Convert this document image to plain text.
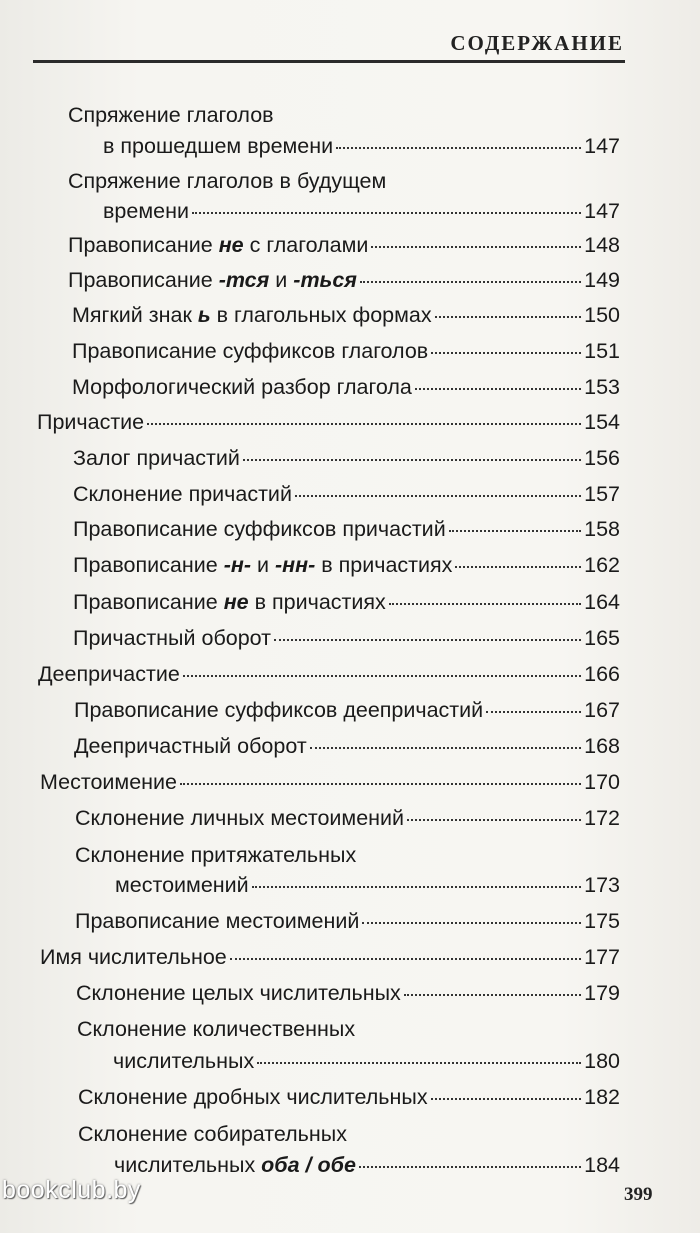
СОДЕРЖАНИЕ
Спряжение глаголов
в прошедшем времени	147
Спряжение глаголов в будущем
времени	147
Правописание не с глаголами	148
Правописание -тся и -ться	149
Мягкий знак ь в глагольных формах	150
Правописание суффиксов глаголов	151
Морфологический разбор глагола	153
Причастие	154
Залог причастий	156
Склонение причастий	157
Правописание суффиксов причастий	158
Правописание -н- и -нн- в причастиях	162
Правописание не в причастиях	164
Причастный оборот	165
Деепричастие	166
Правописание суффиксов деепричастий	167
Деепричастный оборот	168
Местоимение	170
Склонение личных местоимений	172
Склонение притяжательных
местоимений	173
Правописание местоимений	175
Имя числительное	177
Склонение целых числительных	179
Склонение количественных
числительных	180
Склонение дробных числительных	182
Склонение собирательных
числительных оба / обе	184
399
bookclub.by
